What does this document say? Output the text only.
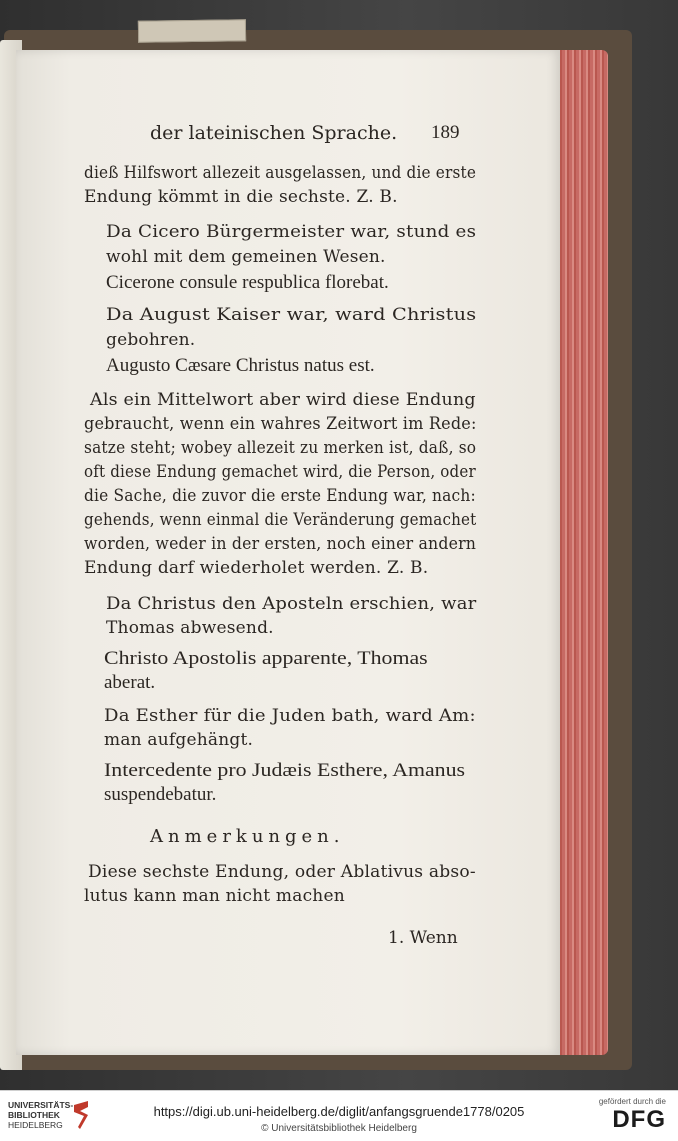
der lateinischen Sprache. 189
dieß Hilfswort allezeit ausgelassen, und die erste
Endung kömmt in die sechste. Z. B.
Da Cicero Bürgermeister war, stund es
wohl mit dem gemeinen Wesen.
Cicerone consule respublica florebat.
Da August Kaiser war, ward Christus
gebohren.
Augusto Cæsare Christus natus est.
Als ein Mittelwort aber wird diese Endung
gebraucht, wenn ein wahres Zeitwort im Rede:
satze steht; wobey allezeit zu merken ist, daß, so
oft diese Endung gemachet wird, die Person, oder
die Sache, die zuvor die erste Endung war, nach:
gehends, wenn einmal die Veränderung gemachet
worden, weder in der ersten, noch einer andern
Endung darf wiederholet werden. Z. B.
Da Christus den Aposteln erschien, war
Thomas abwesend.
Christo Apostolis apparente, Thomas
aberat.
Da Esther für die Juden bath, ward Am:
man aufgehängt.
Intercedente pro Judæis Esthere, Amanus
suspendebatur.
Anmerkungen.
Diese sechste Endung, oder Ablativus abso-
lutus kann man nicht machen
1. Wenn
UNIVERSITÄTS-
BIBLIOTHEK
HEIDELBERG
https://digi.ub.uni-heidelberg.de/diglit/anfangsgruende1778/0205
© Universitätsbibliothek Heidelberg
gefördert durch die
DFG
